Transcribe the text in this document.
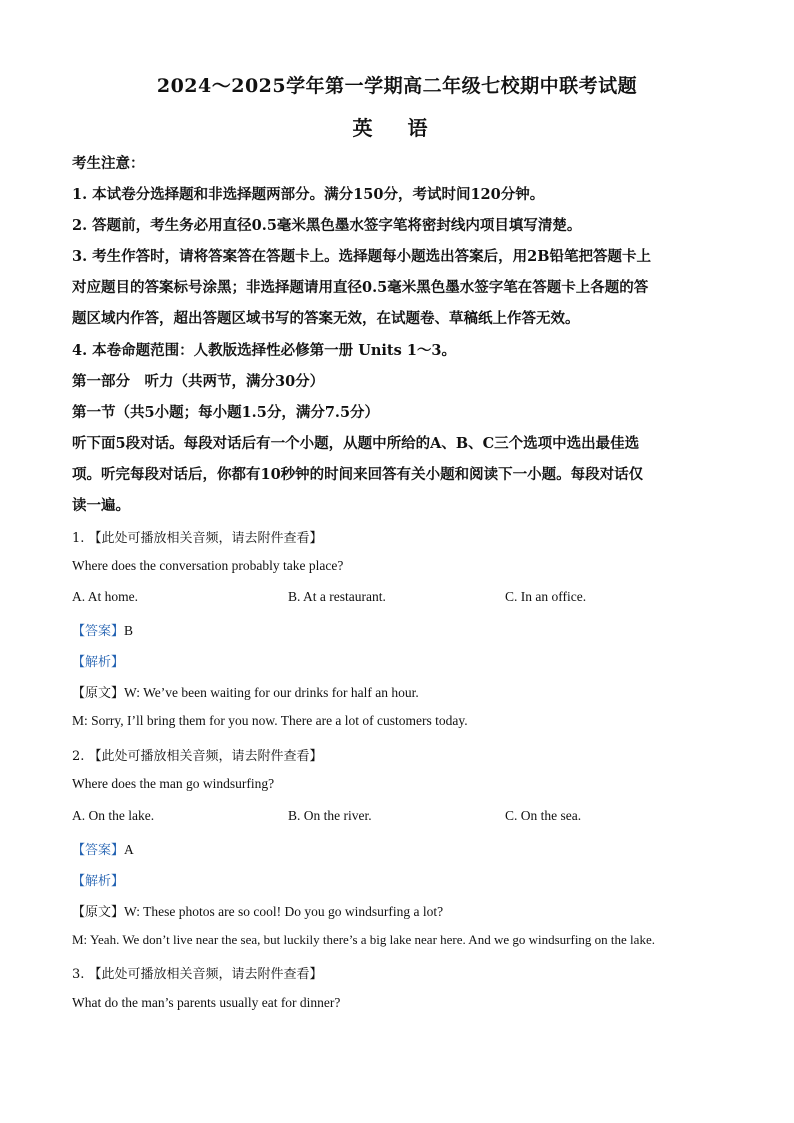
2024～2025学年第一学期高二年级七校期中联考试题
英 语
考生注意：
1. 本试卷分选择题和非选择题两部分。满分150分，考试时间120分钟。
2. 答题前，考生务必用直径0.5毫米黑色墨水签字笔将密封线内项目填写清楚。
3. 考生作答时，请将答案答在答题卡上。选择题每小题选出答案后，用2B铅笔把答题卡上
对应题目的答案标号涂黑；非选择题请用直径0.5毫米黑色墨水签字笔在答题卡上各题的答
题区域内作答，超出答题区域书写的答案无效，在试题卷、草稿纸上作答无效。
4. 本卷命题范围：人教版选择性必修第一册 Units 1～3。
第一部分　听力（共两节，满分30分）
第一节（共5小题；每小题1.5分，满分7.5分）
听下面5段对话。每段对话后有一个小题，从题中所给的A、B、C三个选项中选出最佳选
项。听完每段对话后，你都有10秒钟的时间来回答有关小题和阅读下一小题。每段对话仅
读一遍。
1. 【此处可播放相关音频，请去附件查看】
Where does the conversation probably take place?
A. At home.	B. At a restaurant.	C. In an office.
【答案】B
【解析】
【原文】W: We’ve been waiting for our drinks for half an hour.
M: Sorry, I’ll bring them for you now. There are a lot of customers today.
2. 【此处可播放相关音频，请去附件查看】
Where does the man go windsurfing?
A. On the lake.	B. On the river.	C. On the sea.
【答案】A
【解析】
【原文】W: These photos are so cool! Do you go windsurfing a lot?
M: Yeah. We don’t live near the sea, but luckily there’s a big lake near here. And we go windsurfing on the lake.
3. 【此处可播放相关音频，请去附件查看】
What do the man’s parents usually eat for dinner?
